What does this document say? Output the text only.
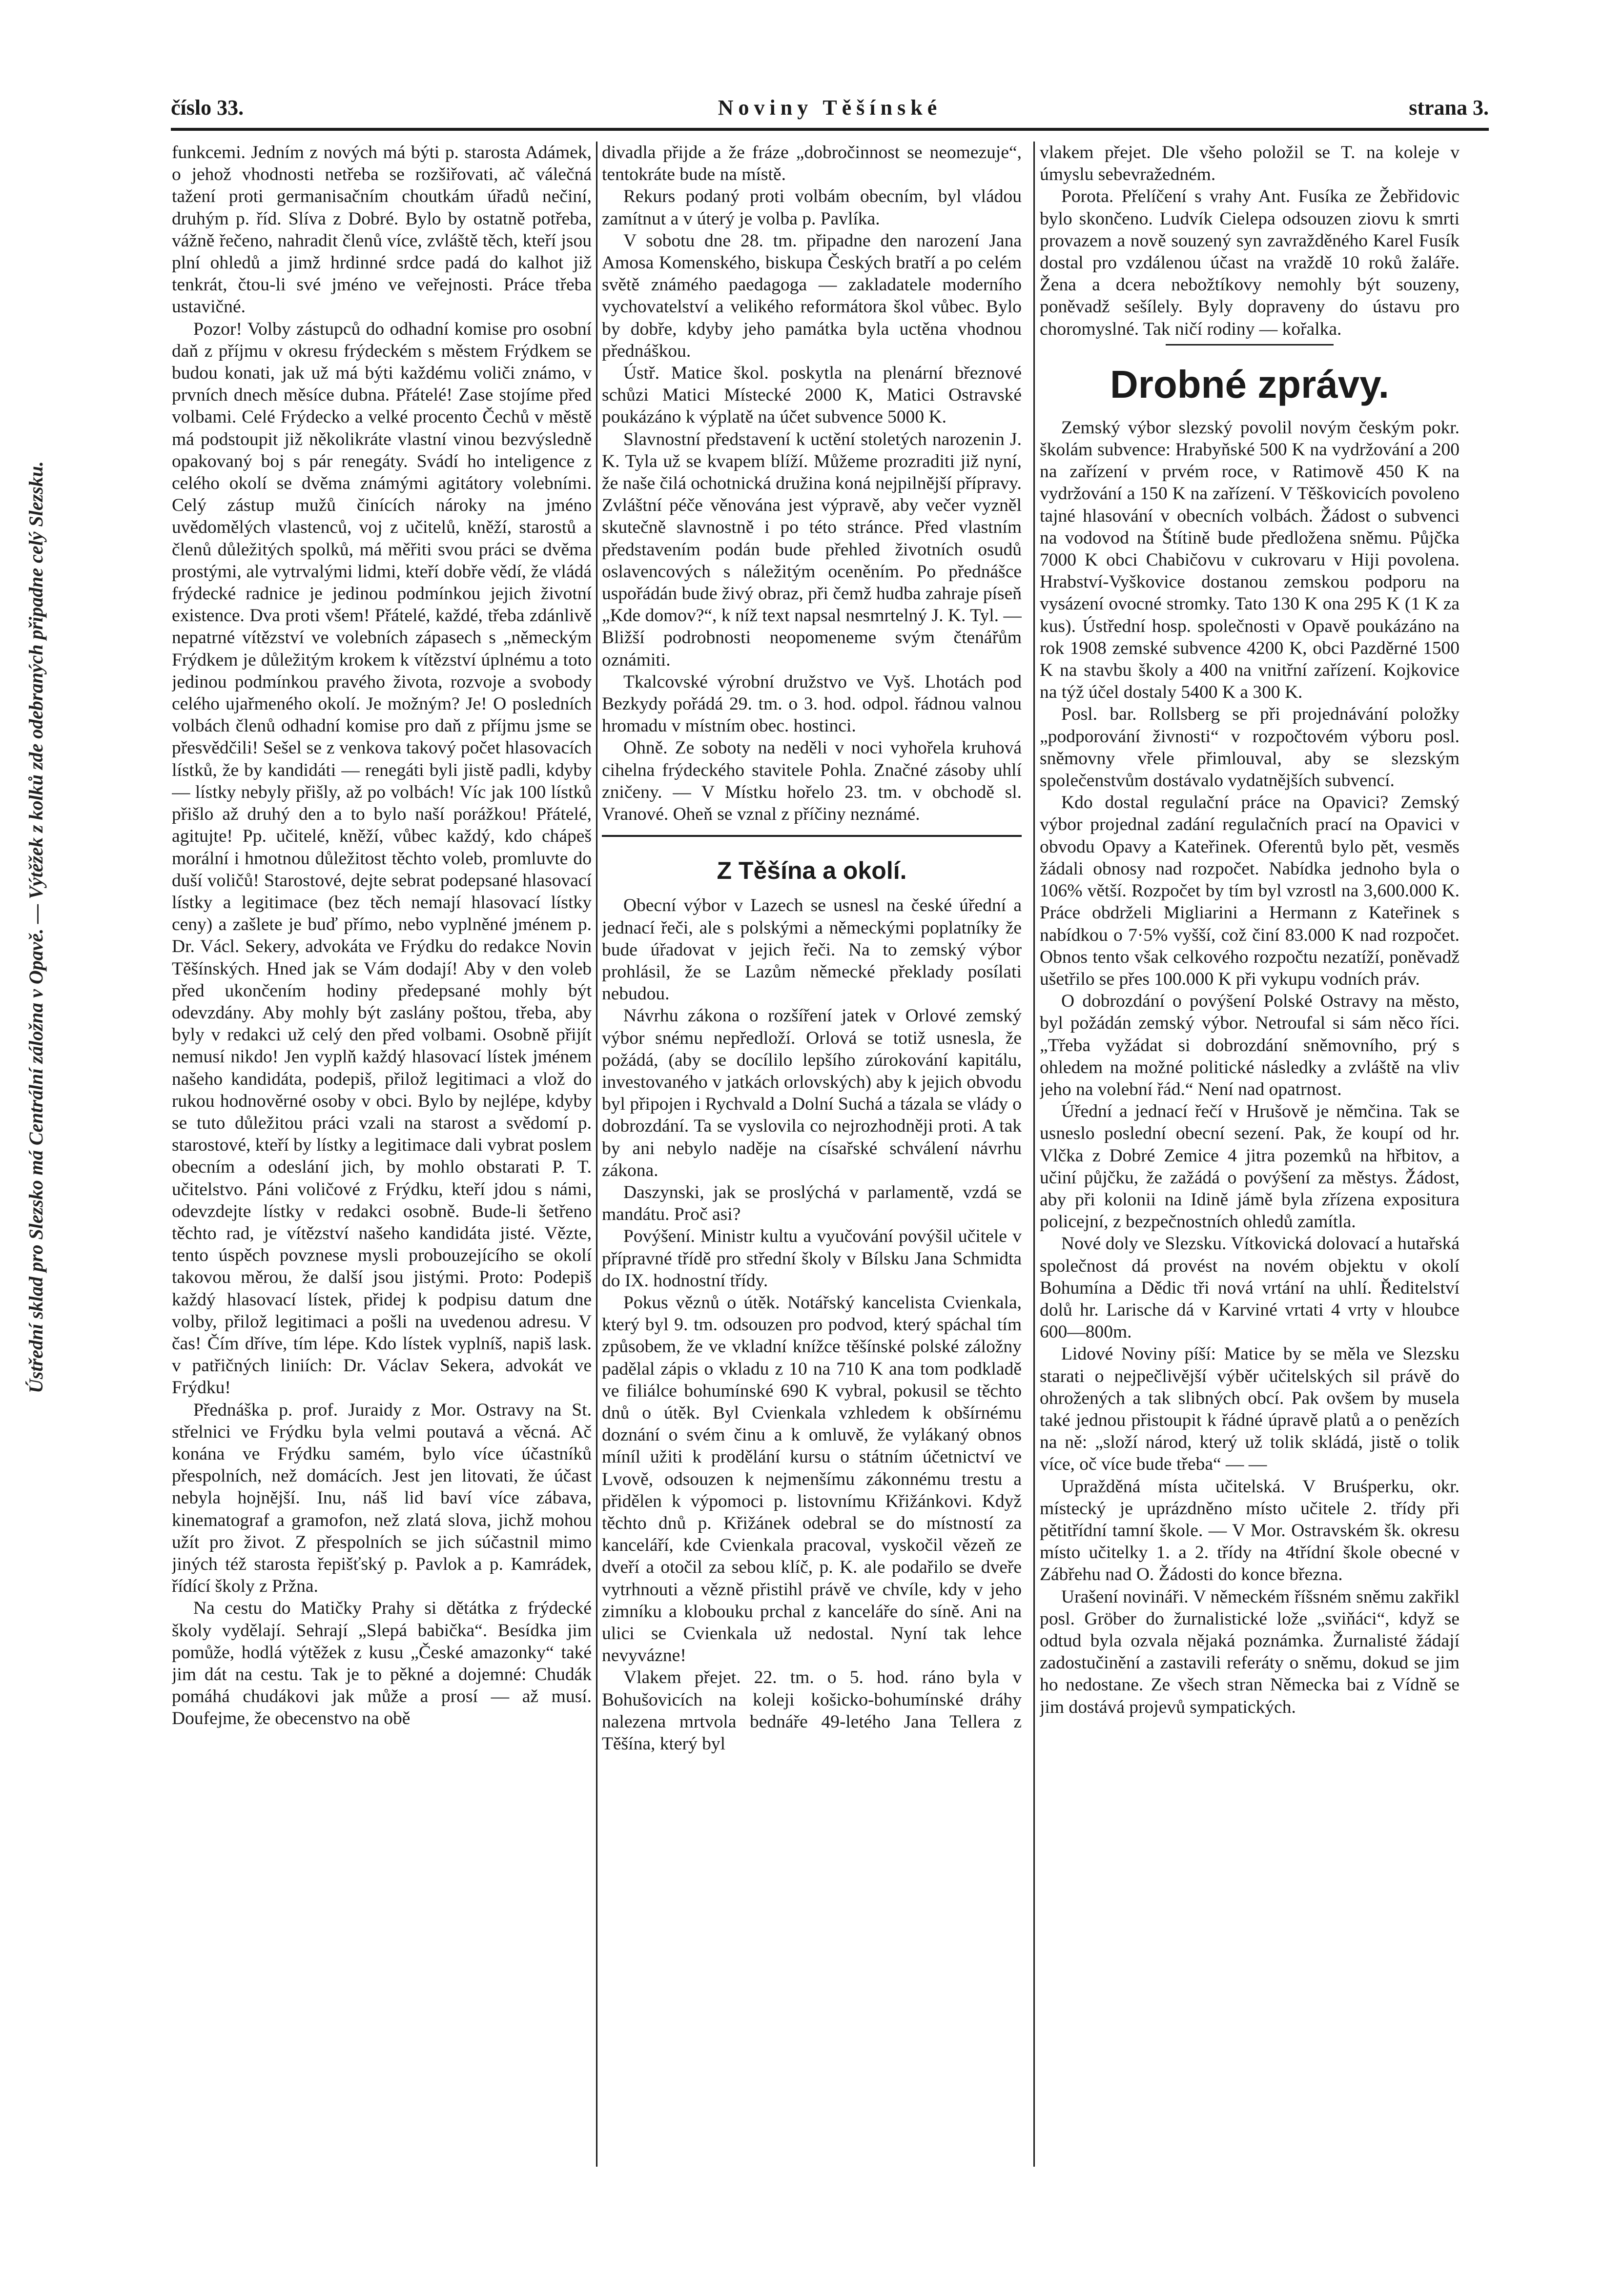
číslo 33.	Noviny Těšínské	strana 3.
Ústřední sklad pro Slezsko má Centrální záložna v Opavě. — Výtěžek z kolků zde odebraných připadne celý Slezsku.

funkcemi. Jedním z nových má býti p. starosta Adámek, o jehož vhodnosti netřeba se rozšiřovati, ač válečná tažení proti germanisačním choutkám úřadů nečiní, druhým p. říd. Slíva z Dobré. Bylo by ostatně potřeba, vážně řečeno, nahradit členů více, zvláště těch, kteří jsou plní ohledů a jimž hrdinné srdce padá do kalhot již tenkrát, čtou-li své jméno ve veřejnosti. Práce třeba ustavičné.

Pozor! Volby zástupců do odhadní komise pro osobní daň z příjmu v okresu frýdeckém s městem Frýdkem se budou konati, jak už má býti každému voliči známo, v prvních dnech měsíce dubna. Přátelé! Zase stojíme před volbami. Celé Frýdecko a velké procento Čechů v městě má podstoupit již několikráte vlastní vinou bezvýsledně opakovaný boj s pár renegáty. Svádí ho inteligence z celého okolí se dvěma známými agitátory volebními. Celý zástup mužů činících nároky na jméno uvědomělých vlastenců, voj z učitelů, kněží, starostů a členů důležitých spolků, má měřiti svou práci se dvěma prostými, ale vytrvalými lidmi, kteří dobře vědí, že vládá frýdecké radnice je jedinou podmínkou jejich životní existence. Dva proti všem! Přátelé, každé, třeba zdánlivě nepatrné vítězství ve volebních zápasech s „německým Frýdkem je důležitým krokem k vítězství úplnému a toto jedinou podmínkou pravého života, rozvoje a svobody celého ujařmeného okolí. Je možným? Je! O posledních volbách členů odhadní komise pro daň z příjmu jsme se přesvědčili! Sešel se z venkova takový počet hlasovacích lístků, že by kandidáti — renegáti byli jistě padli, kdyby — lístky nebyly přišly, až po volbách! Víc jak 100 lístků přišlo až druhý den a to bylo naší porážkou! Přátelé, agitujte! Pp. učitelé, kněží, vůbec každý, kdo chápeš morální i hmotnou důležitost těchto voleb, promluvte do duší voličů! Starostové, dejte sebrat podepsané hlasovací lístky a legitimace (bez těch nemají hlasovací lístky ceny) a zašlete je buď přímo, nebo vyplněné jménem p. Dr. Václ. Sekery, advokáta ve Frýdku do redakce Novin Těšínských. Hned jak se Vám dodají! Aby v den voleb před ukončením hodiny předepsané mohly být odevzdány. Aby mohly být zaslány poštou, třeba, aby byly v redakci už celý den před volbami. Osobně přijít nemusí nikdo! Jen vyplň každý hlasovací lístek jménem našeho kandidáta, podepiš, přilož legitimaci a vlož do rukou hodnověrné osoby v obci. Bylo by nejlépe, kdyby se tuto důležitou práci vzali na starost a svědomí p. starostové, kteří by lístky a legitimace dali vybrat poslem obecním a odeslání jich, by mohlo obstarati P. T. učitelstvo. Páni voličové z Frýdku, kteří jdou s námi, odevzdejte lístky v redakci osobně. Bude-li šetřeno těchto rad, je vítězství našeho kandidáta jisté. Vězte, tento úspěch povznese mysli probouzejícího se okolí takovou měrou, že další jsou jistými. Proto: Podepiš každý hlasovací lístek, přidej k podpisu datum dne volby, přilož legitimaci a pošli na uvedenou adresu. V čas! Čím dříve, tím lépe. Kdo lístek vyplníš, napiš lask. v patřičných liniích: Dr. Václav Sekera, advokát ve Frýdku!

Přednáška p. prof. Juraidy z Mor. Ostravy na St. střelnici ve Frýdku byla velmi poutavá a věcná. Ač konána ve Frýdku samém, bylo více účastníků přespolních, než domácích. Jest jen litovati, že účast nebyla hojnější. Inu, náš lid baví více zábava, kinematograf a gramofon, než zlatá slova, jichž mohou užít pro život. Z přespolních se jich súčastnil mimo jiných též starosta řepišťský p. Pavlok a p. Kamrádek, řídící školy z Pržna.

Na cestu do Matičky Prahy si dětátka z frýdecké školy vydělají. Sehrají „Slepá babička“. Besídka jim pomůže, hodlá výtěžek z kusu „České amazonky“ také jim dát na cestu. Tak je to pěkné a dojemné: Chudák pomáhá chudákovi jak může a prosí — až musí. Doufejme, že obecenstvo na obě

divadla přijde a že fráze „dobročinnost se neomezuje“, tentokráte bude na místě.

Rekurs podaný proti volbám obecním, byl vládou zamítnut a v úterý je volba p. Pavlíka.

V sobotu dne 28. tm. připadne den narození Jana Amosa Komenského, biskupa Českých bratří a po celém světě známého paedagoga — zakladatele moderního vychovatelství a velikého reformátora škol vůbec. Bylo by dobře, kdyby jeho památka byla uctěna vhodnou přednáškou.

Ústř. Matice škol. poskytla na plenární březnové schůzi Matici Místecké 2000 K, Matici Ostravské poukázáno k výplatě na účet subvence 5000 K.

Slavnostní představení k uctění stoletých narozenin J. K. Tyla už se kvapem blíží. Můžeme prozraditi již nyní, že naše čilá ochotnická družina koná nejpilnější přípravy. Zvláštní péče věnována jest výpravě, aby večer vyzněl skutečně slavnostně i po této stránce. Před vlastním představením podán bude přehled životních osudů oslavencových s náležitým oceněním. Po přednášce uspořádán bude živý obraz, při čemž hudba zahraje píseň „Kde domov?“, k níž text napsal nesmrtelný J. K. Tyl. — Bližší podrobnosti neopomeneme svým čtenářům oznámiti.

Tkalcovské výrobní družstvo ve Vyš. Lhotách pod Bezkydy pořádá 29. tm. o 3. hod. odpol. řádnou valnou hromadu v místním obec. hostinci.

Ohně. Ze soboty na neděli v noci vyhořela kruhová cihelna frýdeckého stavitele Pohla. Značné zásoby uhlí zničeny. — V Místku hořelo 23. tm. v obchodě sl. Vranové. Oheň se vznal z příčiny neznámé.

Z Těšína a okolí.

Obecní výbor v Lazech se usnesl na české úřední a jednací řeči, ale s polskými a německými poplatníky že bude úřadovat v jejich řeči. Na to zemský výbor prohlásil, že se Lazům německé překlady posílati nebudou.

Návrhu zákona o rozšíření jatek v Orlové zemský výbor snému nepředloží. Orlová se totiž usnesla, že požádá, (aby se docílilo lepšího zúrokování kapitálu, investovaného v jatkách orlovských) aby k jejich obvodu byl připojen i Rychvald a Dolní Suchá a tázala se vlády o dobrozdání. Ta se vyslovila co nejrozhodněji proti. A tak by ani nebylo naděje na císařské schválení návrhu zákona.

Daszynski, jak se proslýchá v parlamentě, vzdá se mandátu. Proč asi?

Povýšení. Ministr kultu a vyučování povýšil učitele v přípravné třídě pro střední školy v Bílsku Jana Schmidta do IX. hodnostní třídy.

Pokus věznů o útěk. Notářský kancelista Cvienkala, který byl 9. tm. odsouzen pro podvod, který spáchal tím způsobem, že ve vkladní knížce těšínské polské záložny padělal zápis o vkladu z 10 na 710 K ana tom podkladě ve filiálce bohumínské 690 K vybral, pokusil se těchto dnů o útěk. Byl Cvienkala vzhledem k obšírnému doznání o svém činu a k omluvě, že vylákaný obnos míníl užiti k prodělání kursu o státním účetnictví ve Lvově, odsouzen k nejmenšímu zákonnému trestu a přidělen k výpomoci p. listovnímu Křižánkovi. Když těchto dnů p. Křižánek odebral se do místností za kanceláří, kde Cvienkala pracoval, vyskočil vězeň ze dveří a otočil za sebou klíč, p. K. ale podařilo se dveře vytrhnouti a vězně přistihl právě ve chvíle, kdy v jeho zimníku a klobouku prchal z kanceláře do síně. Ani na ulici se Cvienkala už nedostal. Nyní tak lehce nevyvázne!

Vlakem přejet. 22. tm. o 5. hod. ráno byla v Bohušovicích na koleji košicko-bohumínské dráhy nalezena mrtvola bednáře 49-letého Jana Tellera z Těšína, který byl

vlakem přejet. Dle všeho položil se T. na koleje v úmyslu sebevražedném.

Porota. Přelíčení s vrahy Ant. Fusíka ze Žebřidovic bylo skončeno. Ludvík Cielepa odsouzen ziovu k smrti provazem a nově souzený syn zavražděného Karel Fusík dostal pro vzdálenou účast na vraždě 10 roků žaláře. Žena a dcera nebožtíkovy nemohly být souzeny, poněvadž sešílely. Byly dopraveny do ústavu pro choromyslné. Tak ničí rodiny — kořalka.

Drobné zprávy.

Zemský výbor slezský povolil novým českým pokr. školám subvence: Hrabyňské 500 K na vydržování a 200 na zařízení v prvém roce, v Ratimově 450 K na vydržování a 150 K na zařízení. V Těškovicích povoleno tajné hlasování v obecních volbách. Žádost o subvenci na vodovod na Štítině bude předložena sněmu. Půjčka 7000 K obci Chabičovu v cukrovaru v Hiji povolena. Hrabství-Vyškovice dostanou zemskou podporu na vysázení ovocné stromky. Tato 130 K ona 295 K (1 K za kus). Ústřední hosp. společnosti v Opavě poukázáno na rok 1908 zemské subvence 4200 K, obci Pazděrné 1500 K na stavbu školy a 400 na vnitřní zařízení. Kojkovice na týž účel dostaly 5400 K a 300 K.

Posl. bar. Rollsberg se při projednávání položky „podporování živnosti“ v rozpočtovém výboru posl. sněmovny vřele přimlouval, aby se slezským společenstvům dostávalo vydatnějších subvencí.

Kdo dostal regulační práce na Opavici? Zemský výbor projednal zadání regulačních prací na Opavici v obvodu Opavy a Kateřinek. Oferentů bylo pět, vesměs žádali obnosy nad rozpočet. Nabídka jednoho byla o 106% větší. Rozpočet by tím byl vzrostl na 3,600.000 K. Práce obdrželi Migliarini a Hermann z Kateřinek s nabídkou o 7·5% vyšší, což činí 83.000 K nad rozpočet. Obnos tento však celkového rozpočtu nezatíží, poněvadž ušetřilo se přes 100.000 K při vykupu vodních práv.

O dobrozdání o povýšení Polské Ostravy na město, byl požádán zemský výbor. Netroufal si sám něco říci. „Třeba vyžádat si dobrozdání sněmovního, prý s ohledem na možné politické následky a zvláště na vliv jeho na volební řád.“ Není nad opatrnost.

Úřední a jednací řečí v Hrušově je němčina. Tak se usneslo poslední obecní sezení. Pak, že koupí od hr. Vlčka z Dobré Zemice 4 jitra pozemků na hřbitov, a učiní půjčku, že zažádá o povýšení za městys. Žádost, aby při kolonii na Idině jámě byla zřízena expositura policejní, z bezpečnostních ohledů zamítla.

Nové doly ve Slezsku. Vítkovická dolovací a hutařská společnost dá provést na novém objektu v okolí Bohumína a Dědic tři nová vrtání na uhlí. Ředitelství dolů hr. Larische dá v Karviné vrtati 4 vrty v hloubce 600—800m.

Lidové Noviny píší: Matice by se měla ve Slezsku starati o nejpečlivější výběr učitelských sil právě do ohrožených a tak slibných obcí. Pak ovšem by musela také jednou přistoupit k řádné úpravě platů a o penězích na ně: „složí národ, který už tolik skládá, jistě o tolik více, oč více bude třeba“ — —

Upražděná místa učitelská. V Bruśperku, okr. místecký je uprázdněno místo učitele 2. třídy při pětitřídní tamní škole. — V Mor. Ostravském šk. okresu místo učitelky 1. a 2. třídy na 4třídní škole obecné v Zábřehu nad O. Žádosti do konce března.

Urašení novináři. V německém říšsném sněmu zakřikl posl. Gröber do žurnalistické lože „sviňáci“, když se odtud byla ozvala nějaká poznámka. Žurnalisté žádají zadostučinění a zastavili referáty o sněmu, dokud se jim ho nedostane. Ze všech stran Německa bai z Vídně se jim dostává projevů sympatických.
